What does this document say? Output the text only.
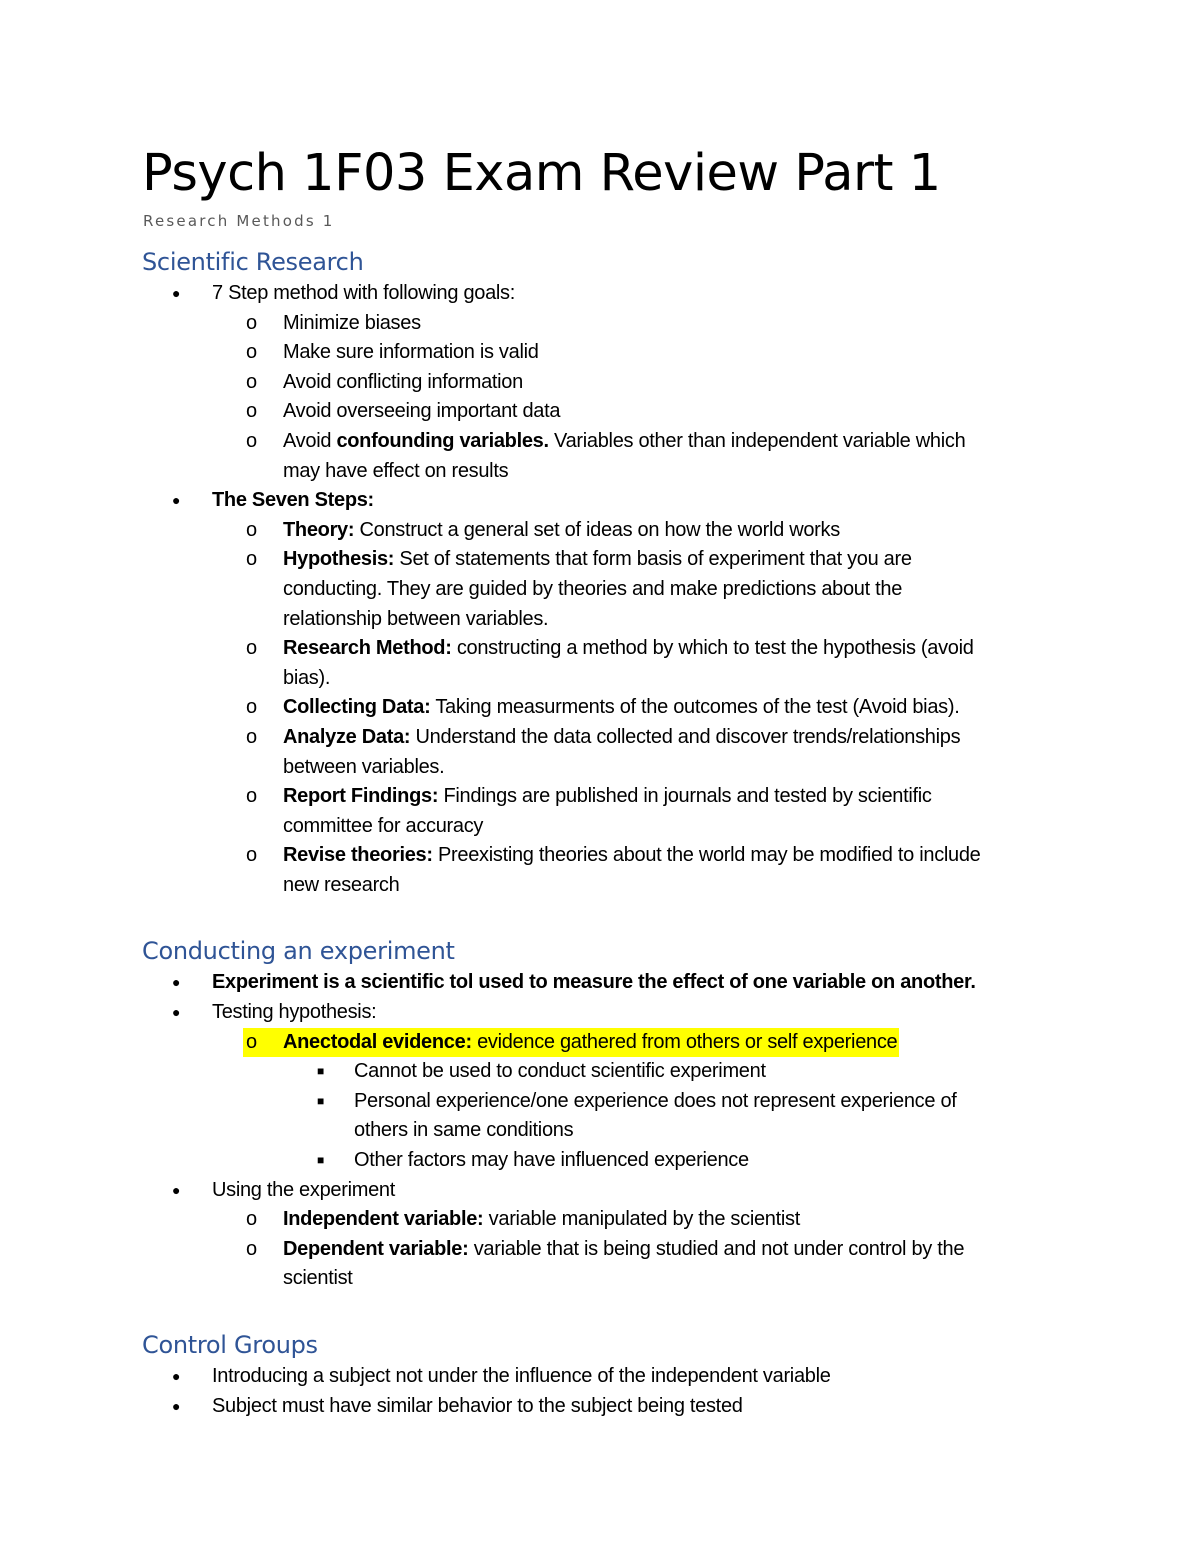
Psych 1F03 Exam Review Part 1
Research Methods 1
Scientific Research
● 7 Step method with following goals:
o Minimize biases
o Make sure information is valid
o Avoid conflicting information
o Avoid overseeing important data
o Avoid confounding variables. Variables other than independent variable which
may have effect on results
● The Seven Steps:
o Theory: Construct a general set of ideas on how the world works
o Hypothesis: Set of statements that form basis of experiment that you are
conducting. They are guided by theories and make predictions about the
relationship between variables.
o Research Method: constructing a method by which to test the hypothesis (avoid
bias).
o Collecting Data: Taking measurments of the outcomes of the test (Avoid bias).
o Analyze Data: Understand the data collected and discover trends/relationships
between variables.
o Report Findings: Findings are published in journals and tested by scientific
committee for accuracy
o Revise theories: Preexisting theories about the world may be modified to include
new research
Conducting an experiment
● Experiment is a scientific tol used to measure the effect of one variable on another.
● Testing hypothesis:
Anectodal evidence: evidence gathered from others or self experience
o
■ Cannot be used to conduct scientific experiment
■ Personal experience/one experience does not represent experience of
others in same conditions
■ Other factors may have influenced experience
● Using the experiment
o Independent variable: variable manipulated by the scientist
o Dependent variable: variable that is being studied and not under control by the
scientist
Control Groups
● Introducing a subject not under the influence of the independent variable
● Subject must have similar behavior to the subject being tested
